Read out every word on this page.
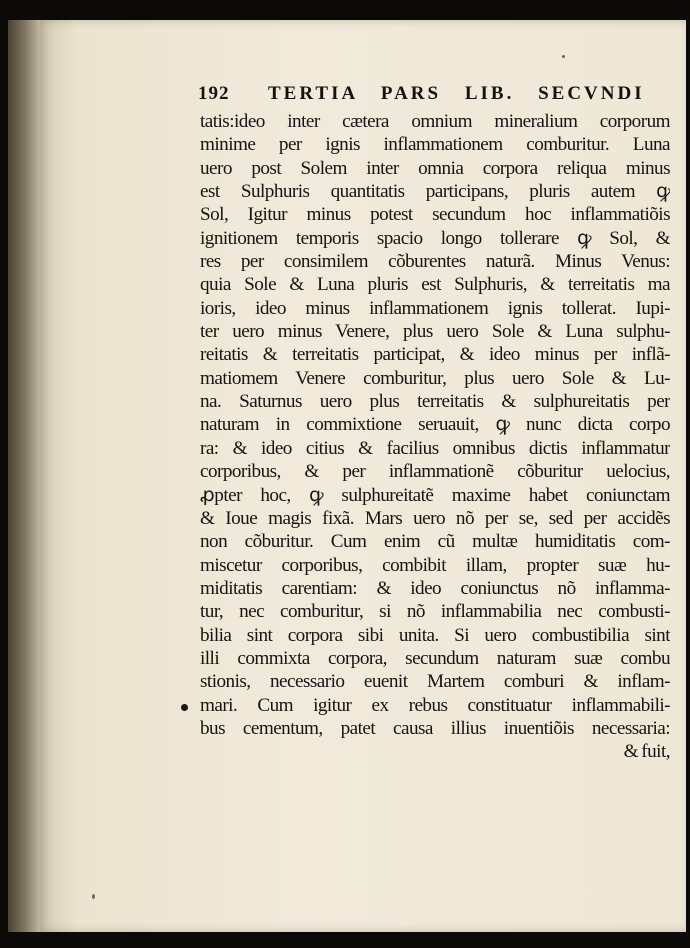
192 TERTIA PARS LIB. SECVNDI
tatis:ideo inter cætera omnium mineralium corporum
minime per ignis inflammationem comburitur. Luna
uero post Solem inter omnia corpora reliqua minus
est Sulphuris quantitatis participans, pluris autem ꝙ
Sol, Igitur minus potest secundum hoc inflammatiõis
ignitionem temporis spacio longo tollerare ꝙ Sol, &
res per consimilem cõburentes naturã. Minus Venus:
quia Sole & Luna pluris est Sulphuris, & terreitatis ma
ioris, ideo minus inflammationem ignis tollerat. Iupi-
ter uero minus Venere, plus uero Sole & Luna sulphu-
reitatis & terreitatis participat, & ideo minus per inflã-
matiomem Venere comburitur, plus uero Sole & Lu-
na. Saturnus uero plus terreitatis & sulphureitatis per
naturam in commixtione seruauit, ꝙ nunc dicta corpo
ra: & ideo citius & facilius omnibus dictis inflammatur
corporibus, & per inflammationẽ cõburitur uelocius,
ꝓpter hoc, ꝙ sulphureitatẽ maxime habet coniunctam
& Ioue magis fixã. Mars uero nõ per se, sed per accidẽs
non cõburitur. Cum enim cũ multæ humiditatis com-
miscetur corporibus, combibit illam, propter suæ hu-
miditatis carentiam: & ideo coniunctus nõ inflamma-
tur, nec comburitur, si nõ inflammabilia nec combusti-
bilia sint corpora sibi unita. Si uero combustibilia sint
illi commixta corpora, secundum naturam suæ combu
stionis, necessario euenit Martem comburi & inflam-
mari. Cum igitur ex rebus constituatur inflammabili-
bus cementum, patet causa illius inuentiõis necessaria:
& fuit,
